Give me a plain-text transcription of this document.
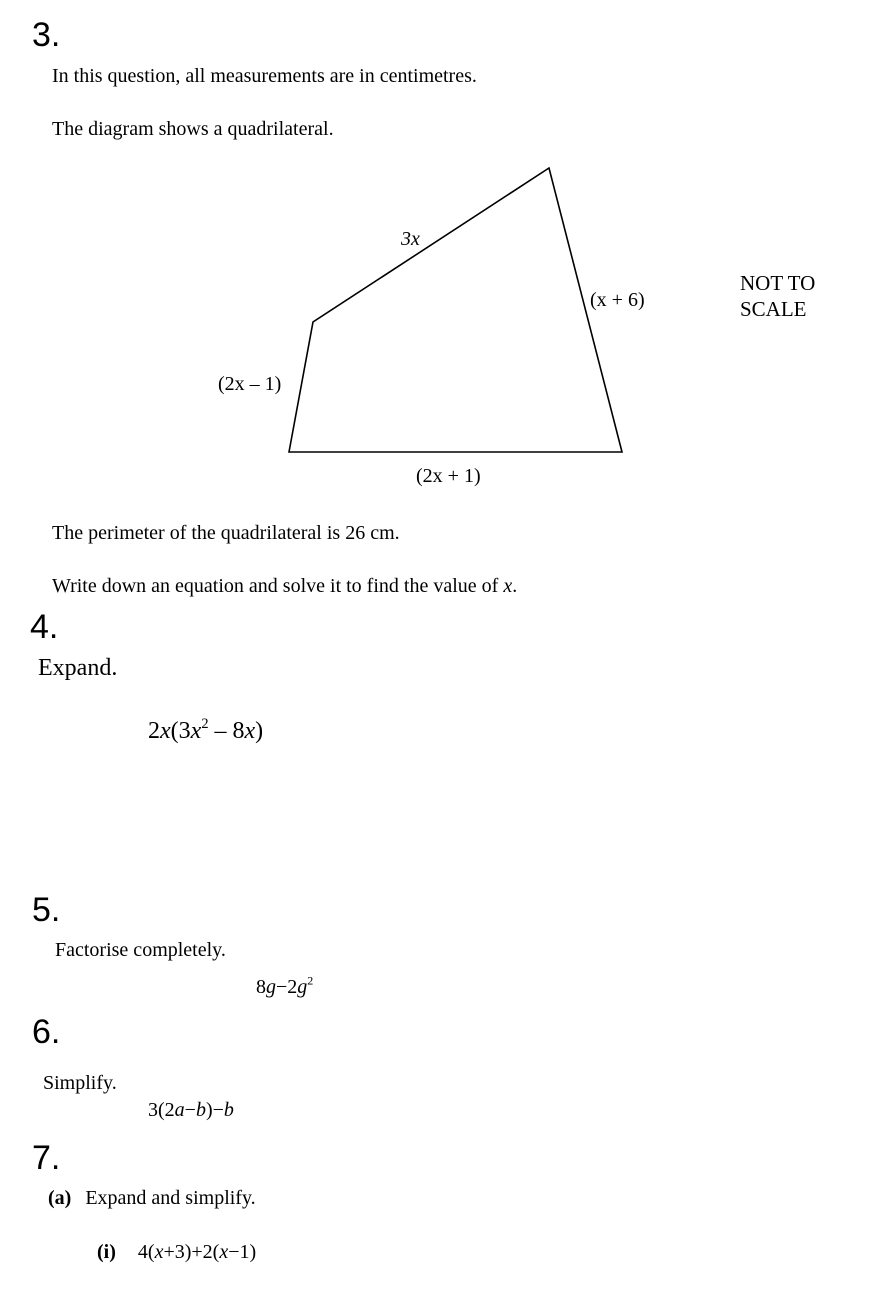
3.
In this question, all measurements are in centimetres.
The diagram shows a quadrilateral.
3x
(x + 6)
(2x – 1)
(2x + 1)
NOT TO
SCALE
The perimeter of the quadrilateral is 26 cm.
Write down an equation and solve it to find the value of x.
4.
Expand.
$2x(3x^2 - 8x)$
5.
Factorise completely.
$8g-2g^2$
6.
Simplify.
3(2a−b)−b
7.
(a) Expand and simplify.
(i) 4(x+3)+2(x−1)
